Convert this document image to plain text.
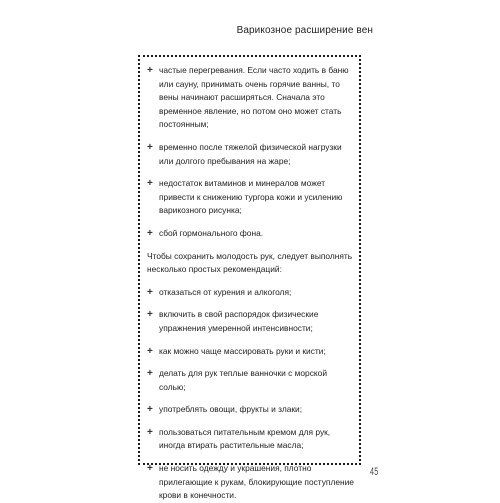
Варикозное расширение вен
+ частые перегревания. Если часто ходить в баню или сауну, принимать очень горячие ванны, то вены начинают расширяться. Сначала это временное явление, но потом оно может стать постоянным;
+ временно после тяжелой физической нагрузки или долгого пребывания на жаре;
+ недостаток витаминов и минералов может привести к снижению тургора кожи и усилению варикозного рисунка;
+ сбой гормонального фона.

Чтобы сохранить молодость рук, следует выполнять несколько простых рекомендаций:

+ отказаться от курения и алкоголя;
+ включить в свой распорядок физические упражнения умеренной интенсивности;
+ как можно чаще массировать руки и кисти;
+ делать для рук теплые ванночки с морской солью;
+ употреблять овощи, фрукты и злаки;
+ пользоваться питательным кремом для рук, иногда втирать растительные масла;
+ не носить одежду и украшения, плотно прилегающие к рукам, блокирующие поступление крови в конечности.
45
